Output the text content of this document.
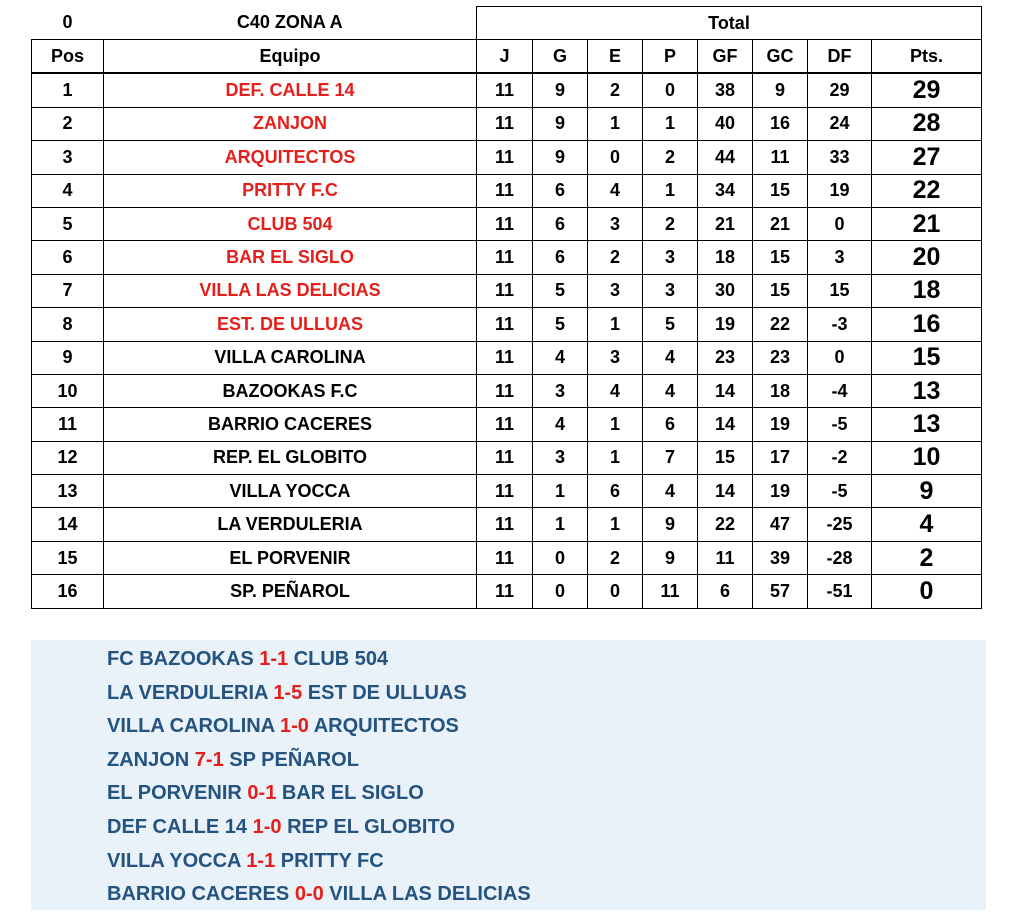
0	C40 ZONA A	Total							
Pos	Equipo	J	G	E	P	GF	GC	DF	Pts.
1	DEF. CALLE 14	11	9	2	0	38	9	29	29
2	ZANJON	11	9	1	1	40	16	24	28
3	ARQUITECTOS	11	9	0	2	44	11	33	27
4	PRITTY F.C	11	6	4	1	34	15	19	22
5	CLUB 504	11	6	3	2	21	21	0	21
6	BAR EL SIGLO	11	6	2	3	18	15	3	20
7	VILLA LAS DELICIAS	11	5	3	3	30	15	15	18
8	EST. DE ULLUAS	11	5	1	5	19	22	-3	16
9	VILLA CAROLINA	11	4	3	4	23	23	0	15
10	BAZOOKAS F.C	11	3	4	4	14	18	-4	13
11	BARRIO CACERES	11	4	1	6	14	19	-5	13
12	REP. EL GLOBITO	11	3	1	7	15	17	-2	10
13	VILLA YOCCA	11	1	6	4	14	19	-5	9
14	LA VERDULERIA	11	1	1	9	22	47	-25	4
15	EL PORVENIR	11	0	2	9	11	39	-28	2
16	SP. PEÑAROL	11	0	0	11	6	57	-51	0
FC BAZOOKAS 1-1 CLUB 504
LA VERDULERIA 1-5 EST DE ULLUAS
VILLA CAROLINA 1-0 ARQUITECTOS
ZANJON 7-1 SP PEÑAROL
EL PORVENIR 0-1 BAR EL SIGLO
DEF CALLE 14 1-0 REP EL GLOBITO
VILLA YOCCA 1-1 PRITTY FC
BARRIO CACERES 0-0 VILLA LAS DELICIAS
